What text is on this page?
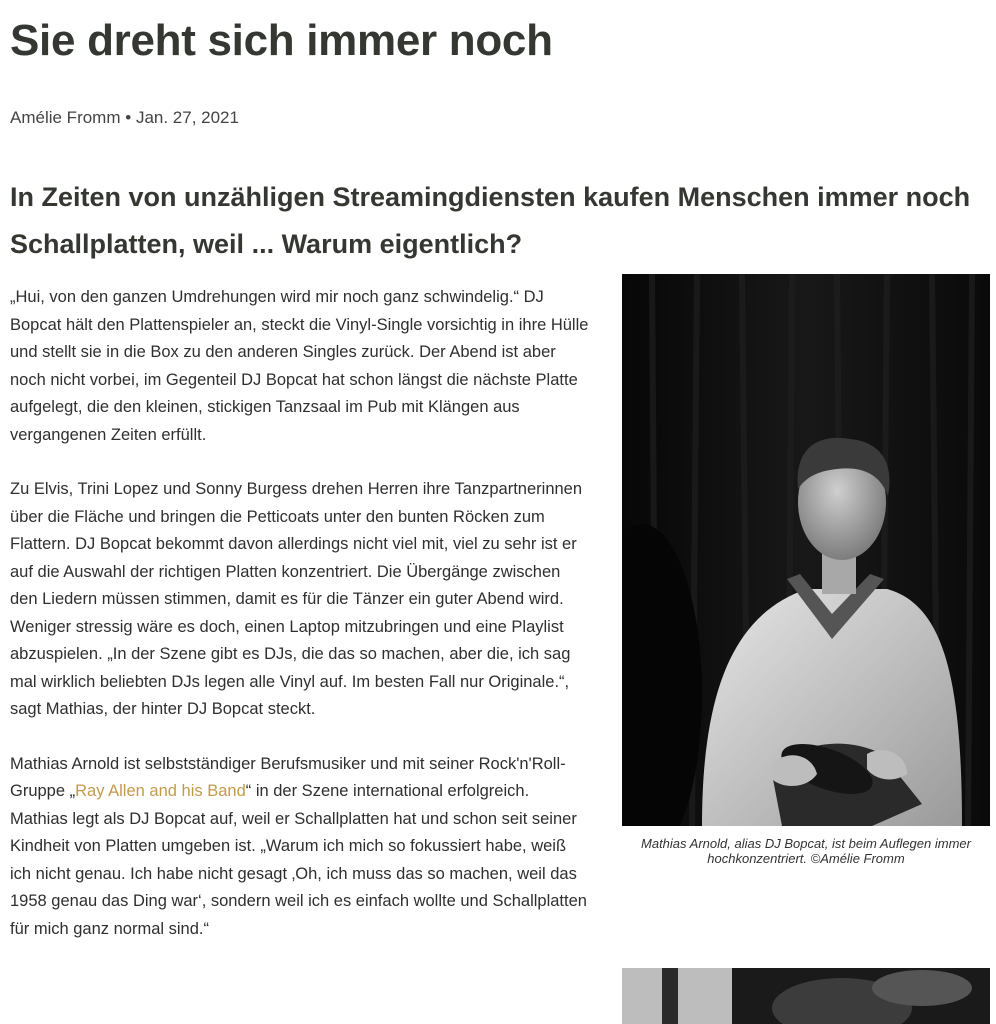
Sie dreht sich immer noch
Amélie Fromm • Jan. 27, 2021
In Zeiten von unzähligen Streamingdiensten kaufen Menschen immer noch Schallplatten, weil ... Warum eigentlich?

„Hui, von den ganzen Umdrehungen wird mir noch ganz schwindelig.“ DJ Bopcat hält den Plattenspieler an, steckt die Vinyl-Single vorsichtig in ihre Hülle und stellt sie in die Box zu den anderen Singles zurück. Der Abend ist aber noch nicht vorbei, im Gegenteil DJ Bopcat hat schon längst die nächste Platte aufgelegt, die den kleinen, stickigen Tanzsaal im Pub mit Klängen aus vergangenen Zeiten erfüllt.

Zu Elvis, Trini Lopez und Sonny Burgess drehen Herren ihre Tanzpartnerinnen über die Fläche und bringen die Petticoats unter den bunten Röcken zum Flattern. DJ Bopcat bekommt davon allerdings nicht viel mit, viel zu sehr ist er auf die Auswahl der richtigen Platten konzentriert. Die Übergänge zwischen den Liedern müssen stimmen, damit es für die Tänzer ein guter Abend wird. Weniger stressig wäre es doch, einen Laptop mitzubringen und eine Playlist abzuspielen. „In der Szene gibt es DJs, die das so machen, aber die, ich sag mal wirklich beliebten DJs legen alle Vinyl auf. Im besten Fall nur Originale.“, sagt Mathias, der hinter DJ Bopcat steckt.

Mathias Arnold ist selbstständiger Berufsmusiker und mit seiner Rock'n'Roll-Gruppe „Ray Allen and his Band“ in der Szene international erfolgreich. Mathias legt als DJ Bopcat auf, weil er Schallplatten hat und schon seit seiner Kindheit von Platten umgeben ist. „Warum ich mich so fokussiert habe, weiß ich nicht genau. Ich habe nicht gesagt ‚Oh, ich muss das so machen, weil das 1958 genau das Ding war‘, sondern weil ich es einfach wollte und Schallplatten für mich ganz normal sind.“

Mathias Arnold, alias DJ Bopcat, ist beim Auflegen immer hochkonzentriert. ©Amélie Fromm
